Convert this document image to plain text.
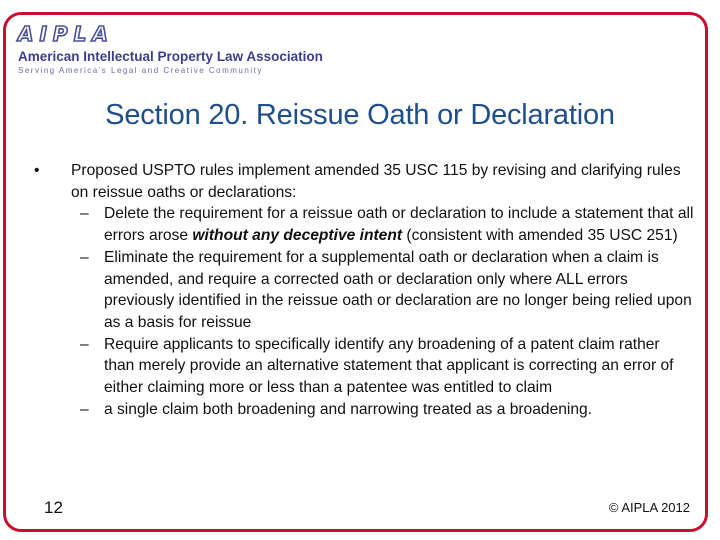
AIPLA
American Intellectual Property Law Association
Serving America's Legal and Creative Community
Section 20. Reissue Oath or Declaration
• Proposed USPTO rules implement amended 35 USC 115 by revising and clarifying rules on reissue oaths or declarations:
– Delete the requirement for a reissue oath or declaration to include a statement that all errors arose without any deceptive intent (consistent with amended 35 USC 251)
– Eliminate the requirement for a supplemental oath or declaration when a claim is amended, and require a corrected oath or declaration only where ALL errors previously identified in the reissue oath or declaration are no longer being relied upon as a basis for reissue
– Require applicants to specifically identify any broadening of a patent claim rather than merely provide an alternative statement that applicant is correcting an error of either claiming more or less than a patentee was entitled to claim
– a single claim both broadening and narrowing treated as a broadening.
12	© AIPLA 2012
